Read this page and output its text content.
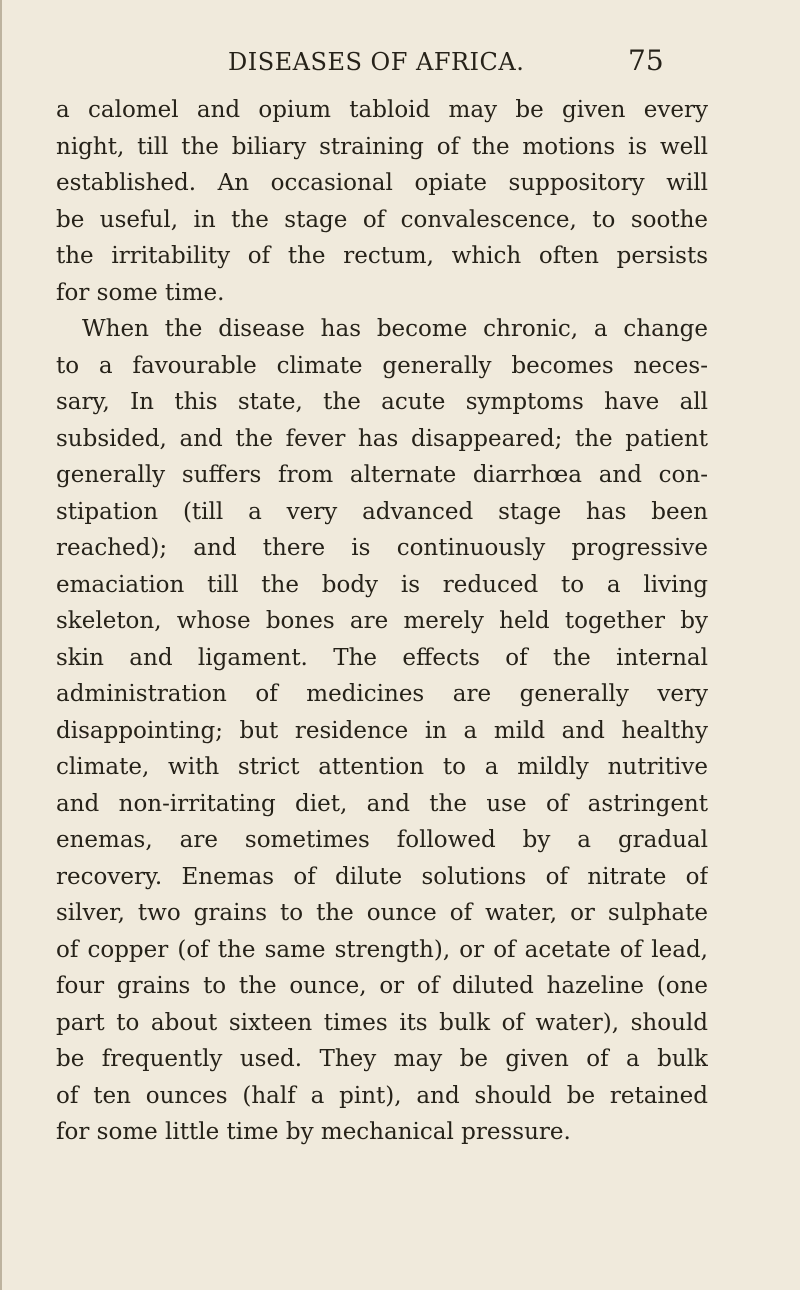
DISEASES OF AFRICA.	75
a calomel and opium tabloid may be given every
night, till the biliary straining of the motions is well
established. An occasional opiate suppository will
be useful, in the stage of convalescence, to soothe
the irritability of the rectum, which often persists
for some time.
When the disease has become chronic, a change
to a favourable climate generally becomes neces-
sary, In this state, the acute symptoms have all
subsided, and the fever has disappeared; the patient
generally suffers from alternate diarrhœa and con-
stipation (till a very advanced stage has been
reached); and there is continuously progressive
emaciation till the body is reduced to a living
skeleton, whose bones are merely held together by
skin and ligament. The effects of the internal
administration of medicines are generally very
disappointing; but residence in a mild and healthy
climate, with strict attention to a mildly nutritive
and non-irritating diet, and the use of astringent
enemas, are sometimes followed by a gradual
recovery. Enemas of dilute solutions of nitrate of
silver, two grains to the ounce of water, or sulphate
of copper (of the same strength), or of acetate of lead,
four grains to the ounce, or of diluted hazeline (one
part to about sixteen times its bulk of water), should
be frequently used. They may be given of a bulk
of ten ounces (half a pint), and should be retained
for some little time by mechanical pressure.
